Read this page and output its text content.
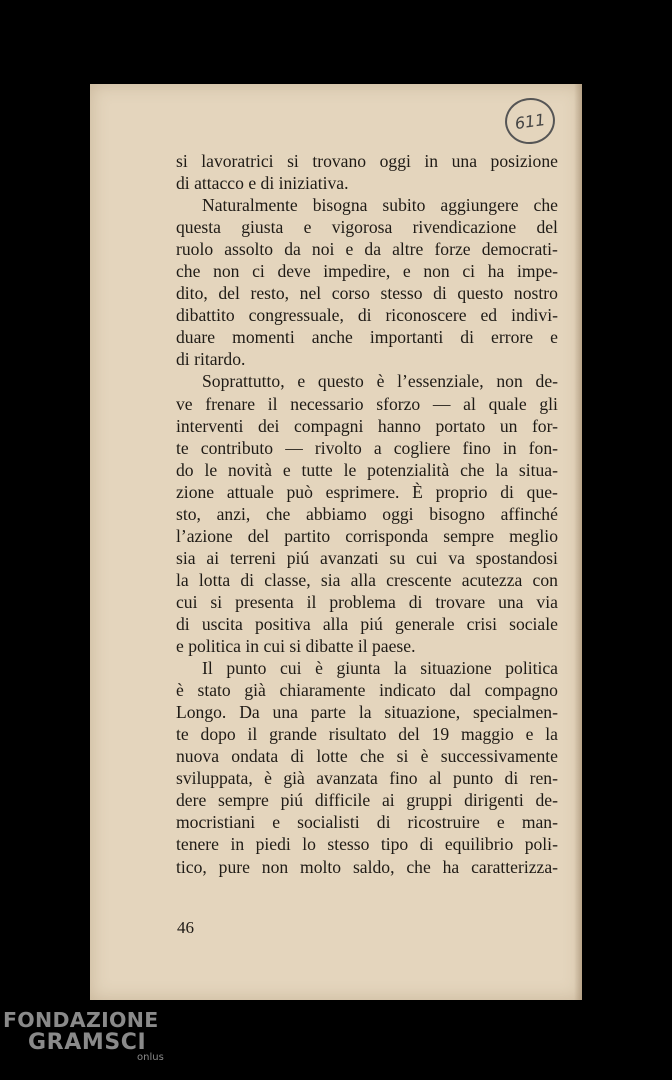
611
si lavoratrici si trovano oggi in una posizione
di attacco e di iniziativa.
Naturalmente bisogna subito aggiungere che
questa giusta e vigorosa rivendicazione del
ruolo assolto da noi e da altre forze democrati-
che non ci deve impedire, e non ci ha impe-
dito, del resto, nel corso stesso di questo nostro
dibattito congressuale, di riconoscere ed indivi-
duare momenti anche importanti di errore e
di ritardo.
Soprattutto, e questo è l’essenziale, non de-
ve frenare il necessario sforzo — al quale gli
interventi dei compagni hanno portato un for-
te contributo — rivolto a cogliere fino in fon-
do le novità e tutte le potenzialità che la situa-
zione attuale può esprimere. È proprio di que-
sto, anzi, che abbiamo oggi bisogno affinché
l’azione del partito corrisponda sempre meglio
sia ai terreni piú avanzati su cui va spostandosi
la lotta di classe, sia alla crescente acutezza con
cui si presenta il problema di trovare una via
di uscita positiva alla piú generale crisi sociale
e politica in cui si dibatte il paese.
Il punto cui è giunta la situazione politica
è stato già chiaramente indicato dal compagno
Longo. Da una parte la situazione, specialmen-
te dopo il grande risultato del 19 maggio e la
nuova ondata di lotte che si è successivamente
sviluppata, è già avanzata fino al punto di ren-
dere sempre piú difficile ai gruppi dirigenti de-
mocristiani e socialisti di ricostruire e man-
tenere in piedi lo stesso tipo di equilibrio poli-
tico, pure non molto saldo, che ha caratterizza-
46
FONDAZIONE
GRAMSCI
onlus
